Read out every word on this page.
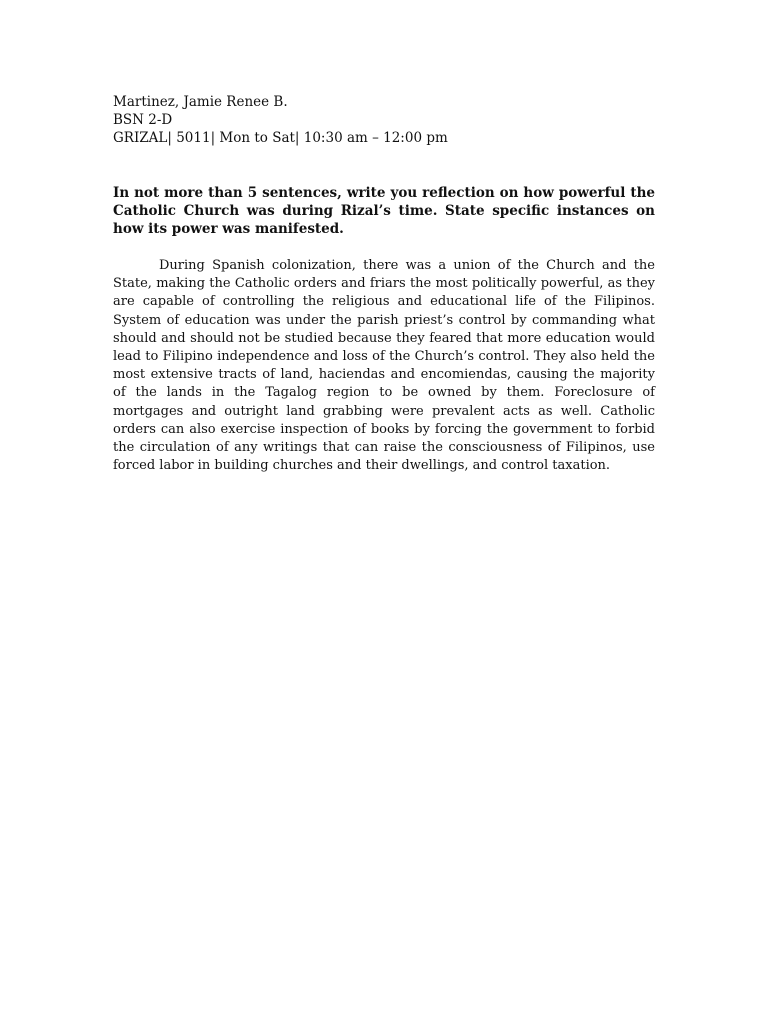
Martinez, Jamie Renee B.
BSN 2-D
GRIZAL| 5011| Mon to Sat| 10:30 am – 12:00 pm

In not more than 5 sentences, write you reflection on how powerful the Catholic Church was during Rizal’s time. State specific instances on how its power was manifested.

During Spanish colonization, there was a union of the Church and the State, making the Catholic orders and friars the most politically powerful, as they are capable of controlling the religious and educational life of the Filipinos. System of education was under the parish priest’s control by commanding what should and should not be studied because they feared that more education would lead to Filipino independence and loss of the Church’s control. They also held the most extensive tracts of land, haciendas and encomiendas, causing the majority of the lands in the Tagalog region to be owned by them. Foreclosure of mortgages and outright land grabbing were prevalent acts as well. Catholic orders can also exercise inspection of books by forcing the government to forbid the circulation of any writings that can raise the consciousness of Filipinos, use forced labor in building churches and their dwellings, and control taxation.
